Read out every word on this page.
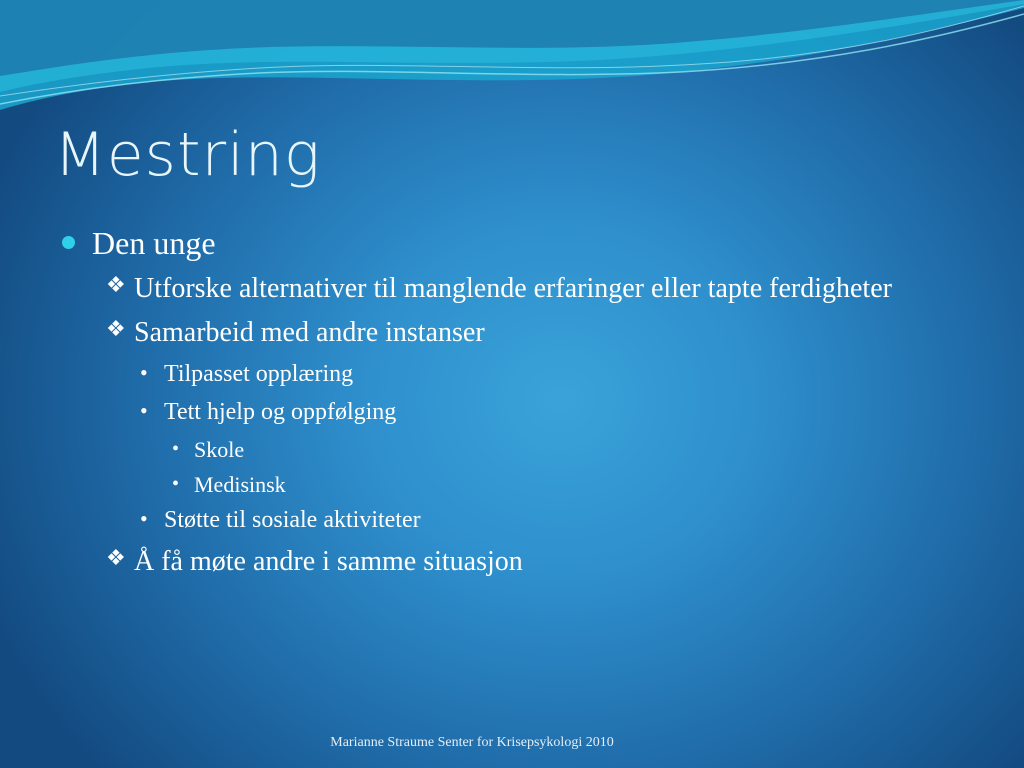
Mestring
Den unge
❖ Utforske alternativer til manglende erfaringer eller tapte ferdigheter
❖ Samarbeid med andre instanser
• Tilpasset opplæring
• Tett hjelp og oppfølging
• Skole
• Medisinsk
• Støtte til sosiale aktiviteter
❖ Å få møte andre i samme situasjon
Marianne Straume Senter for Krisepsykologi 2010
